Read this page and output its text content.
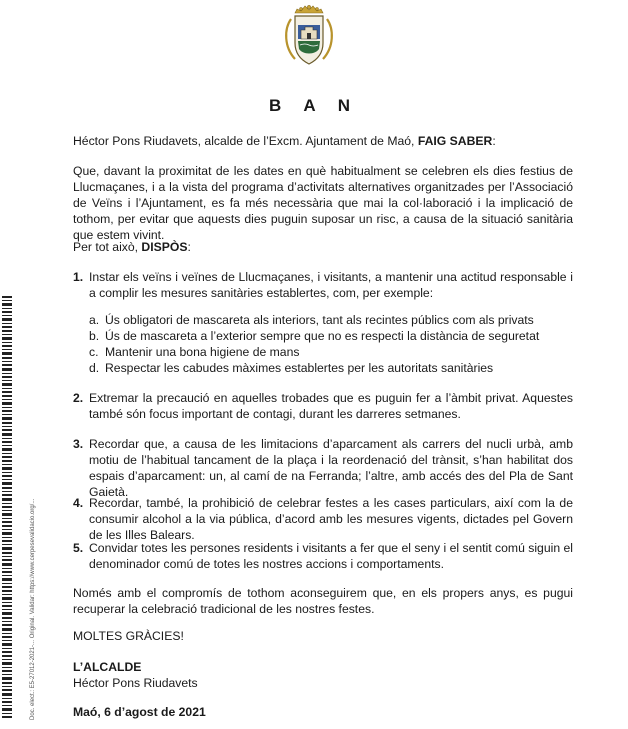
B A N

Héctor Pons Riudavets, alcalde de l’Excm. Ajuntament de Maó, FAIG SABER:

Que, davant la proximitat de les dates en què habitualment se celebren els dies festius de Llucmaçanes, i a la vista del programa d’activitats alternatives organitzades per l’Associació de Veïns i l’Ajuntament, es fa més necessària que mai la col·laboració i la implicació de tothom, per evitar que aquests dies puguin suposar un risc, a causa de la situació sanitària que estem vivint.

Per tot això, DISPÒS:

1. Instar els veïns i veïnes de Llucmaçanes, i visitants, a mantenir una actitud responsable i a complir les mesures sanitàries establertes, com, per exemple:

a. Ús obligatori de mascareta als interiors, tant als recintes públics com als privats
b. Ús de mascareta a l’exterior sempre que no es respecti la distància de seguretat
c. Mantenir una bona higiene de mans
d. Respectar les cabudes màximes establertes per les autoritats sanitàries
2. Extremar la precaució en aquelles trobades que es puguin fer a l’àmbit privat. Aquestes també són focus important de contagi, durant les darreres setmanes.

3. Recordar que, a causa de les limitacions d’aparcament als carrers del nucli urbà, amb motiu de l’habitual tancament de la plaça i la reordenació del trànsit, s’han habilitat dos espais d’aparcament: un, al camí de na Ferranda; l’altre, amb accés des del Pla de Sant Gaietà.

4. Recordar, també, la prohibició de celebrar festes a les cases particulars, així com la de consumir alcohol a la via pública, d’acord amb les mesures vigents, dictades pel Govern de les Illes Balears.

5. Convidar totes les persones residents i visitants a fer que el seny i el sentit comú siguin el denominador comú de totes les nostres accions i comportaments.

Només amb el compromís de tothom aconseguirem que, en els propers anys, es pugui recuperar la celebració tradicional de les nostres festes.

MOLTES GRÀCIES!

L’ALCALDE

Héctor Pons Riudavets

Maó, 6 d’agost de 2021

Doc. elect.: E5-27012-2021-... Original. Validar: https://www.cerpesevalidacio.org/...
